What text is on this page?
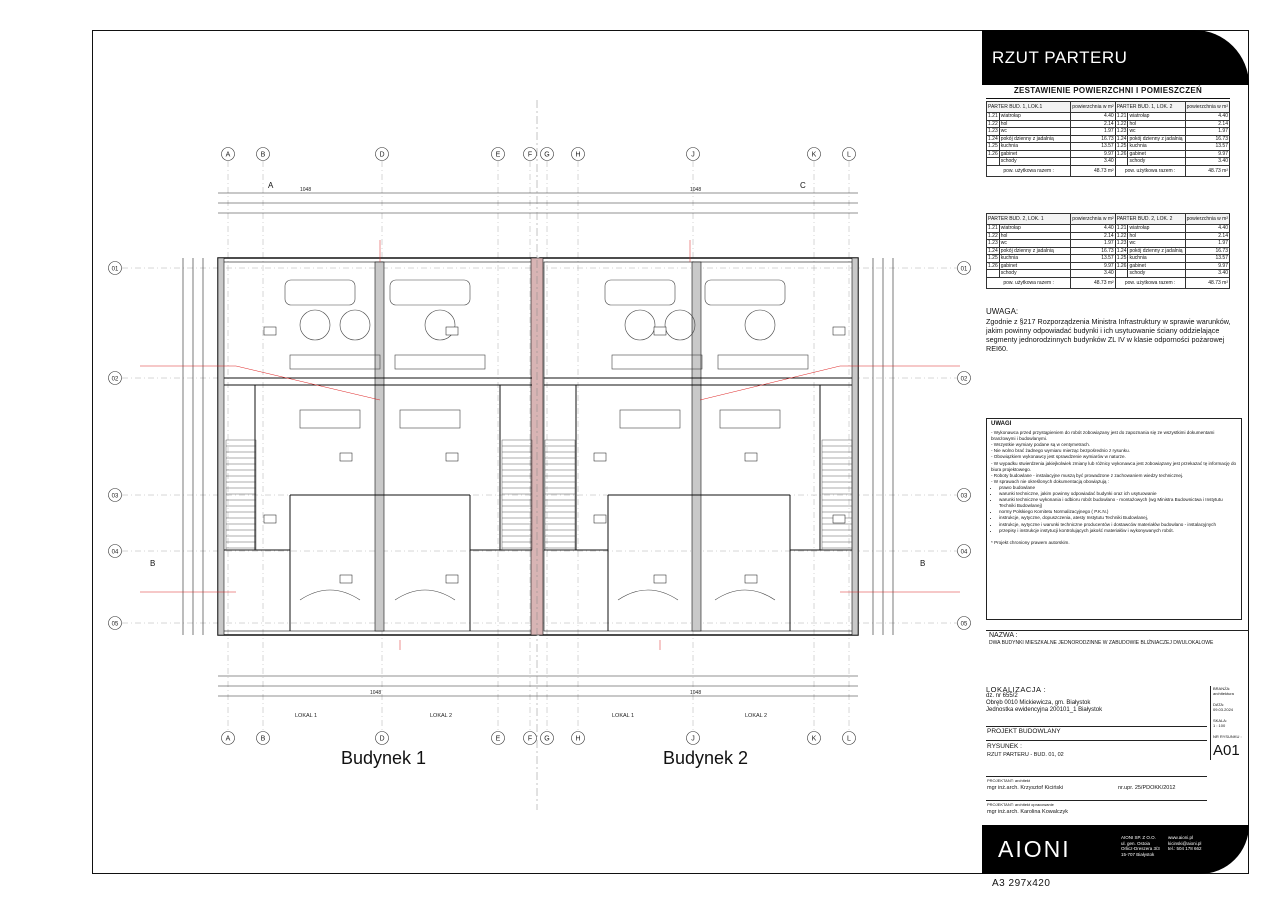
A
A
B
B
D
D
E
E
F
F
G
G
H
H
J
J
K
K
L
L
01	01
02	02
03	03
04	04
05	05
1048	1048
1048	1048
LOKAL 1	LOKAL 2	LOKAL 1	LOKAL 2
A	C
B	B
Budynek 1	Budynek 2
RZUT PARTERU
ZESTAWIENIE POWIERZCHNI I POMIESZCZEŃ
PARTER BUD. 1, LOK.1		powierzchnia w m²	PARTER BUD. 1, LOK. 2		powierzchnia w m²
1.21	wiatrołap	4.40	1.21	wiatrołap	4.40
1.22	hol	2.14	1.22	hol	2.14
1.23	wc	1.97	1.23	wc	1.97
1.24	pokój dzienny z jadalnią	16.73	1.24	pokój dzienny z jadalnią	16.73
1.25	kuchnia	13.57	1.25	kuchnia	13.57
1.26	gabinet	9.97	1.26	gabinet	9.97
	schody	3.40		schody	3.40
pow. użytkowa razem :		48.73 m²	pow. użytkowa razem :		48.73 m²
PARTER BUD. 2, LOK. 1		powierzchnia w m²	PARTER BUD. 2, LOK. 2		powierzchnia w m²
1.21	wiatrołap	4.40	1.21	wiatrołap	4.40
1.22	hol	2.14	1.22	hol	2.14
1.23	wc	1.97	1.23	wc	1.97
1.24	pokój dzienny z jadalnią	16.73	1.24	pokój dzienny z jadalnią	16.73
1.25	kuchnia	13.57	1.25	kuchnia	13.57
1.26	gabinet	9.97	1.26	gabinet	9.97
	schody	3.40		schody	3.40
pow. użytkowa razem :		48.73 m²	pow. użytkowa razem :		48.73 m²
UWAGA:
Zgodnie z §217 Rozporządzenia Ministra Infrastruktury w sprawie warunków, jakim powinny odpowiadać budynki i ich usytuowanie ściany oddzielające segmenty jednorodzinnych budynków ZL IV w klasie odporności pożarowej REI60.
UWAGI
- Wykonawca przed przystąpieniem do robót zobowiązany jest do zapoznania się ze wszystkimi dokumentami branżowymi i budowlanymi.
- Wszystkie wymiary podane są w centymetrach.
- Nie wolno brać żadnego wymiaru mierząc bezpośrednio z rysunku.
- Obowiązkiem wykonawcy jest sprawdzenie wymiarów w naturze.
- W wypadku stwierdzenia jakiejkolwiek zmiany lub różnicy wykonawca jest zobowiązany jest przekazać tę informację do biura projektowego.
- Roboty budowlane - instalacyjne muszą być prowadzone z zachowaniem wiedzy technicznej.
- W sprawach nie określonych dokumentacją obowiązują :
• prawo budowlane
• warunki techniczne, jakim powinny odpowiadać budynki oraz ich usytuowanie
• warunki techniczne wykonania i odbioru robót budowlano - montażowych (wg Ministra Budownictwa i Instytutu Techniki Budowlanej)
• normy Polskiego Komitetu Normalizacyjnego ( P.K.N.)
• instrukcje, wytyczne, dopuszczenia, atesty Instytutu Techniki Budowlanej,
• instrukcje, wytyczne i warunki techniczne producentów i dostawców materiałów budowlano - instalacyjnych
• przepisy i instrukcje instytucji kontrolujących jakość materiałów i wykonywanych robót.
* Projekt chroniony prawem autorskim.
NAZWA :
DWA BUDYNKI MIESZKALNE JEDNORODZINNE W ZABUDOWIE BLIŹNIACZEJ DWULOKALOWE
LOKALIZACJA :
dz. nr 655/2
Obręb 0010 Mickiewicza, gm. Białystok
Jednostka ewidencyjna 200101_1 Białystok
BRANŻA:
architektura
DATA:
09.03.2024
SKALA:
1 : 100
NR RYSUNKU :
A01
PROJEKT BUDOWLANY
RYSUNEK :
RZUT PARTERU - BUD. 01, 02
PROJEKTANT: architekt
mgr inż.arch. Krzysztof Kiciński	nr.upr. 25/PDOKK/2012
PROJEKTANT: architekt opracowanie
mgr inż.arch. Karolina Kowalczyk
AIONI	AIONI SP. Z O.O.
ul. gen. Ostoia
Orlicz-Dreszera 3/3
15-707 Białystok
www.aioni.pl
kicinski@aioni.pl
tel.: 504 178 662
A3 297x420
